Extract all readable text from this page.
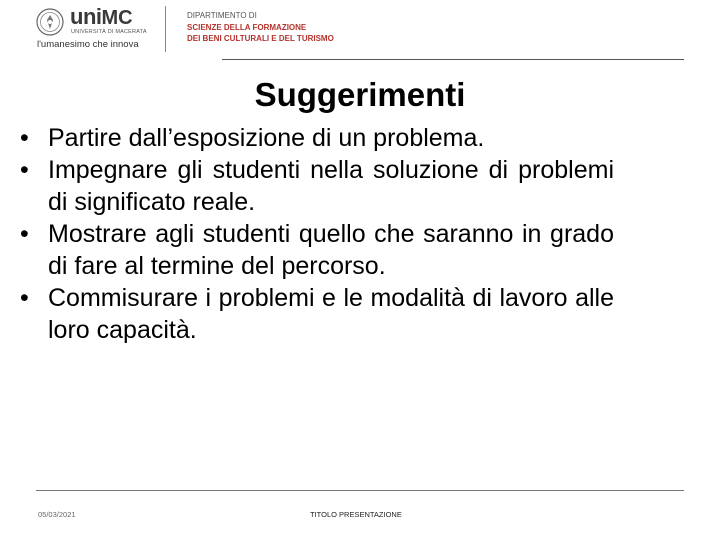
uni MC
UNIVERSITÀ DI MACERATA
l'umanesimo che innova
DIPARTIMENTO DI
SCIENZE DELLA FORMAZIONE
DEI BENI CULTURALI E DEL TURISMO
Suggerimenti
• Partire dall’esposizione di un problema.
• Impegnare gli studenti nella soluzione di problemi di significato reale.
• Mostrare agli studenti quello che saranno in grado di fare al termine del percorso.
• Commisurare i problemi e le modalità di lavoro alle loro capacità.
05/03/2021	TITOLO PRESENTAZIONE
